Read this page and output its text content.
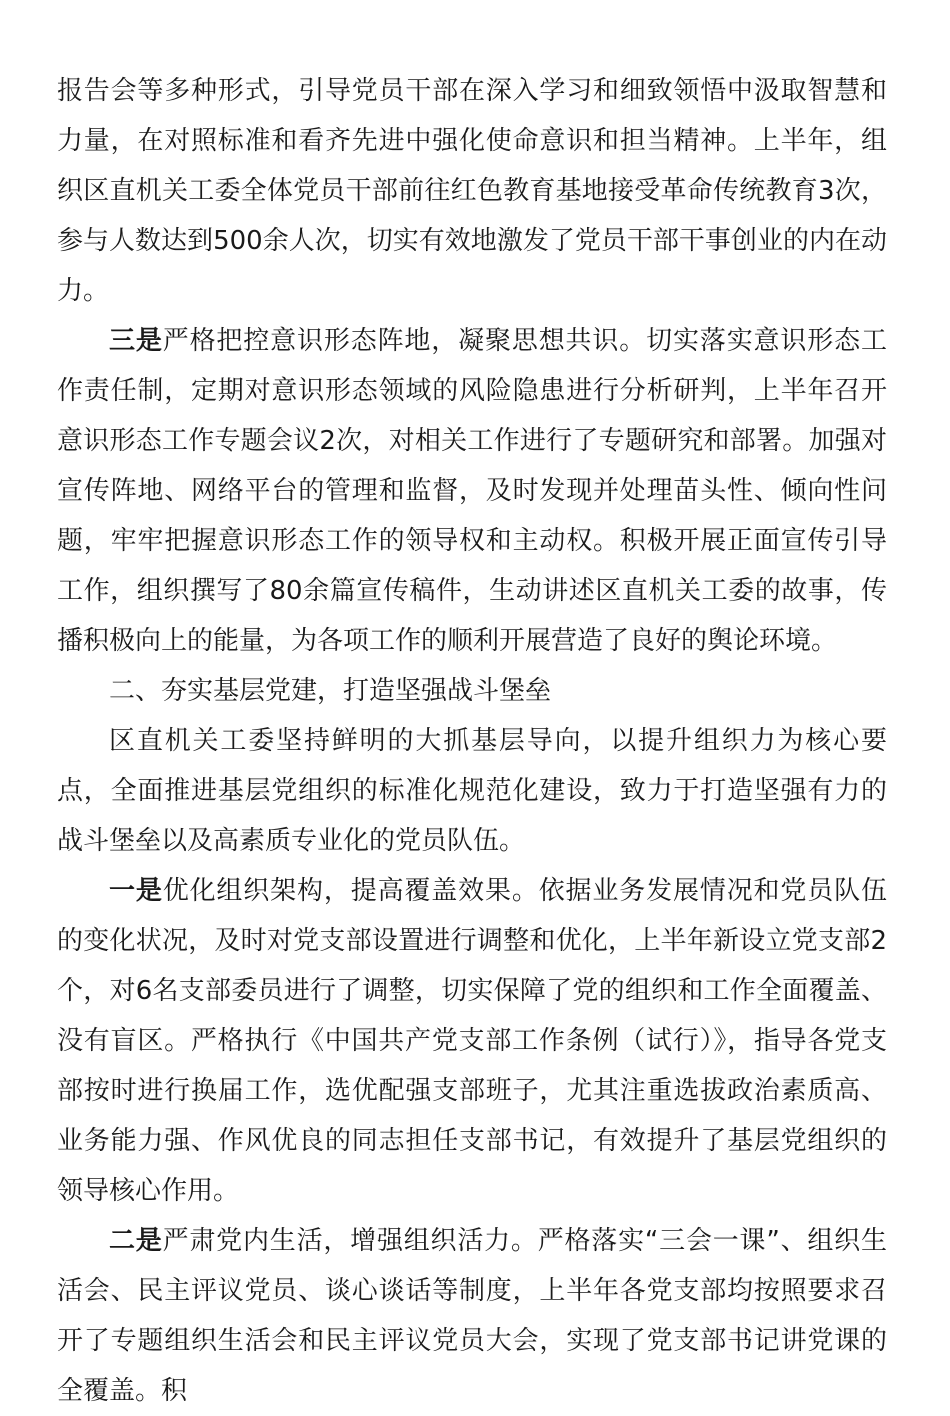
报告会等多种形式，引导党员干部在深入学习和细致领悟中汲取智慧和力量，在对照标准和看齐先进中强化使命意识和担当精神。上半年，组织区直机关工委全体党员干部前往红色教育基地接受革命传统教育3次，参与人数达到500余人次，切实有效地激发了党员干部干事创业的内在动力。

三是严格把控意识形态阵地，凝聚思想共识。切实落实意识形态工作责任制，定期对意识形态领域的风险隐患进行分析研判，上半年召开意识形态工作专题会议2次，对相关工作进行了专题研究和部署。加强对宣传阵地、网络平台的管理和监督，及时发现并处理苗头性、倾向性问题，牢牢把握意识形态工作的领导权和主动权。积极开展正面宣传引导工作，组织撰写了80余篇宣传稿件，生动讲述区直机关工委的故事，传播积极向上的能量，为各项工作的顺利开展营造了良好的舆论环境。

二、夯实基层党建，打造坚强战斗堡垒

区直机关工委坚持鲜明的大抓基层导向，以提升组织力为核心要点，全面推进基层党组织的标准化规范化建设，致力于打造坚强有力的战斗堡垒以及高素质专业化的党员队伍。

一是优化组织架构，提高覆盖效果。依据业务发展情况和党员队伍的变化状况，及时对党支部设置进行调整和优化，上半年新设立党支部2个，对6名支部委员进行了调整，切实保障了党的组织和工作全面覆盖、没有盲区。严格执行《中国共产党支部工作条例（试行）》，指导各党支部按时进行换届工作，选优配强支部班子，尤其注重选拔政治素质高、业务能力强、作风优良的同志担任支部书记，有效提升了基层党组织的领导核心作用。

二是严肃党内生活，增强组织活力。严格落实“三会一课”、组织生活会、民主评议党员、谈心谈话等制度，上半年各党支部均按照要求召开了专题组织生活会和民主评议党员大会，实现了党支部书记讲党课的全覆盖。积
